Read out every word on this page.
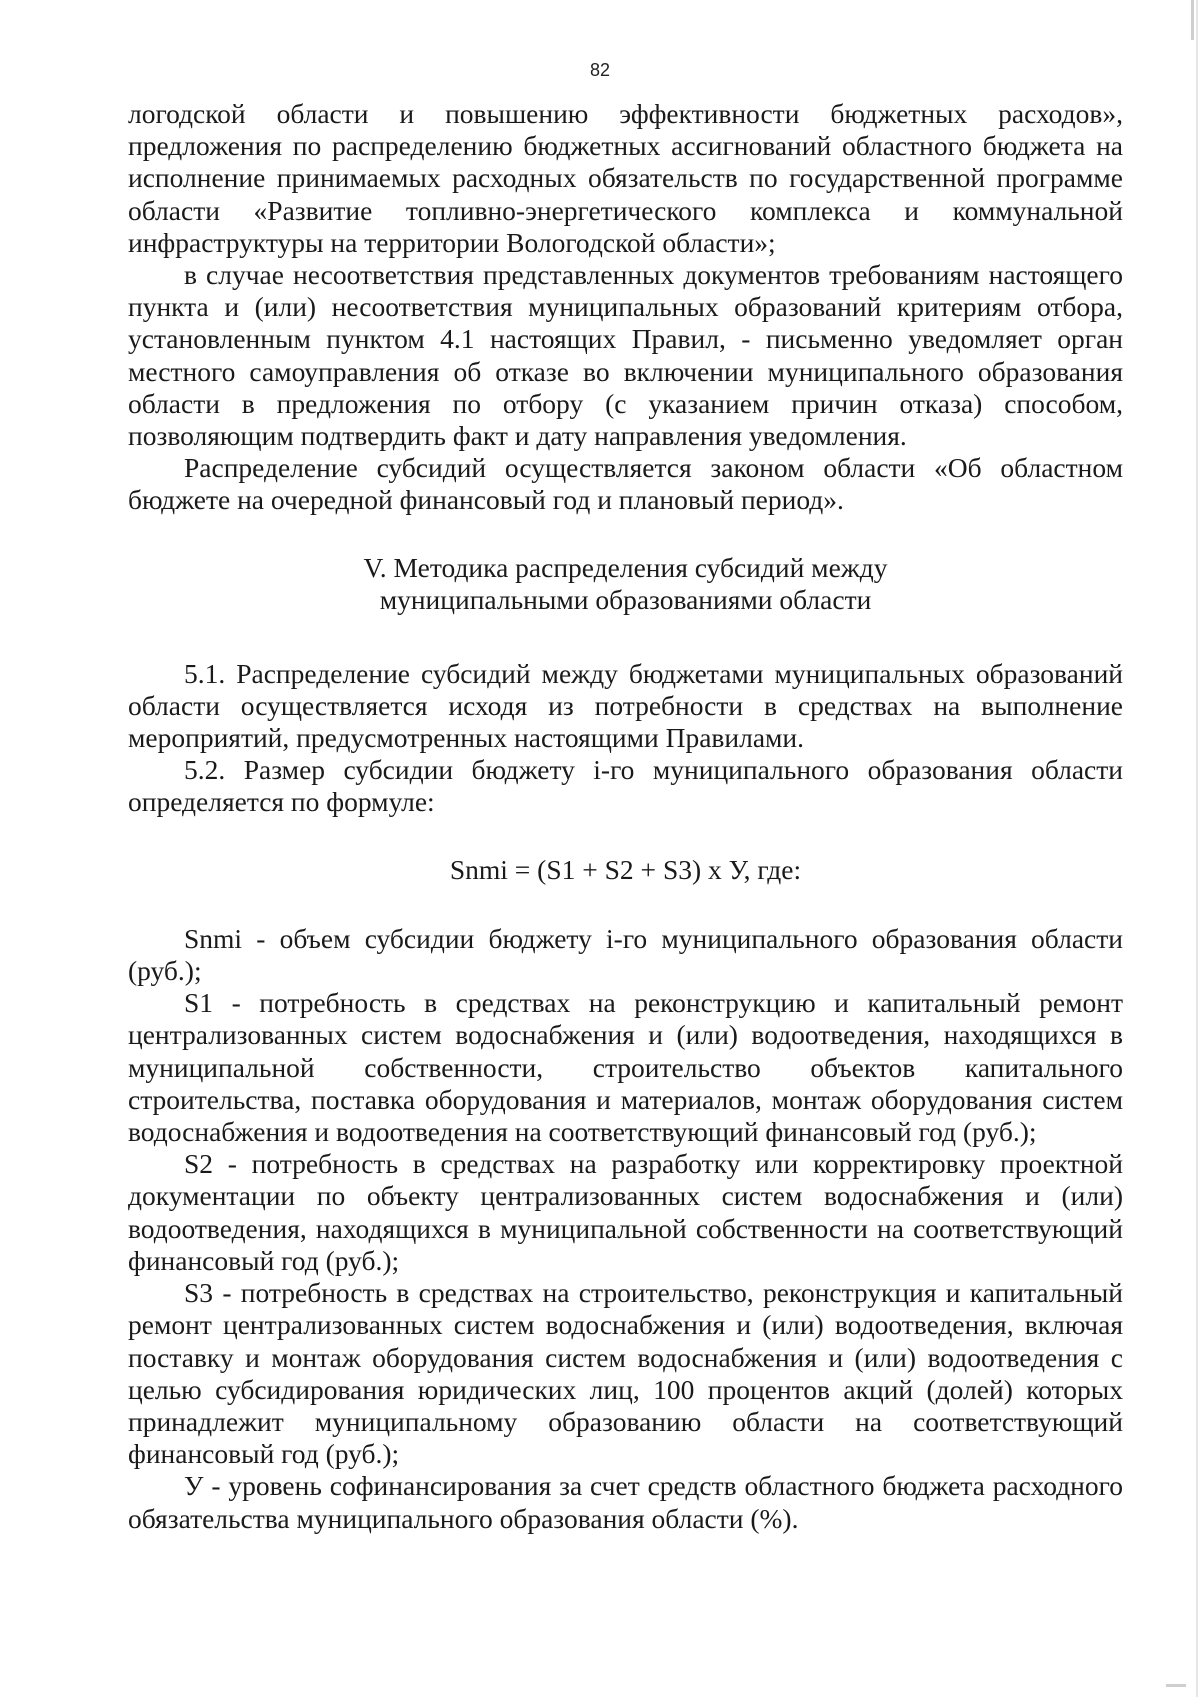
82

логодской области и повышению эффективности бюджетных расходов», предложения по распределению бюджетных ассигнований областного бюджета на исполнение принимаемых расходных обязательств по государственной программе области «Развитие топливно-энергетического комплекса и коммунальной инфраструктуры на территории Вологодской области»;

в случае несоответствия представленных документов требованиям настоящего пункта и (или) несоответствия муниципальных образований критериям отбора, установленным пунктом 4.1 настоящих Правил, - письменно уведомляет орган местного самоуправления об отказе во включении муниципального образования области в предложения по отбору (с указанием причин отказа) способом, позволяющим подтвердить факт и дату направления уведомления.

Распределение субсидий осуществляется законом области «Об областном бюджете на очередной финансовый год и плановый период».

V. Методика распределения субсидий между
муниципальными образованиями области

5.1. Распределение субсидий между бюджетами муниципальных образований области осуществляется исходя из потребности в средствах на выполнение мероприятий, предусмотренных настоящими Правилами.

5.2. Размер субсидии бюджету i-го муниципального образования области определяется по формуле:

Snmi = (S1 + S2 + S3) x У, где:

Snmi - объем субсидии бюджету i-го муниципального образования области (руб.);

S1 - потребность в средствах на реконструкцию и капитальный ремонт централизованных систем водоснабжения и (или) водоотведения, находящихся в муниципальной собственности, строительство объектов капитального строительства, поставка оборудования и материалов, монтаж оборудования систем водоснабжения и водоотведения на соответствующий финансовый год (руб.);

S2 - потребность в средствах на разработку или корректировку проектной документации по объекту централизованных систем водоснабжения и (или) водоотведения, находящихся в муниципальной собственности на соответствующий финансовый год (руб.);

S3 - потребность в средствах на строительство, реконструкция и капитальный ремонт централизованных систем водоснабжения и (или) водоотведения, включая поставку и монтаж оборудования систем водоснабжения и (или) водоотведения с целью субсидирования юридических лиц, 100 процентов акций (долей) которых принадлежит муниципальному образованию области на соответствующий финансовый год (руб.);

У - уровень софинансирования за счет средств областного бюджета расходного обязательства муниципального образования области (%).
